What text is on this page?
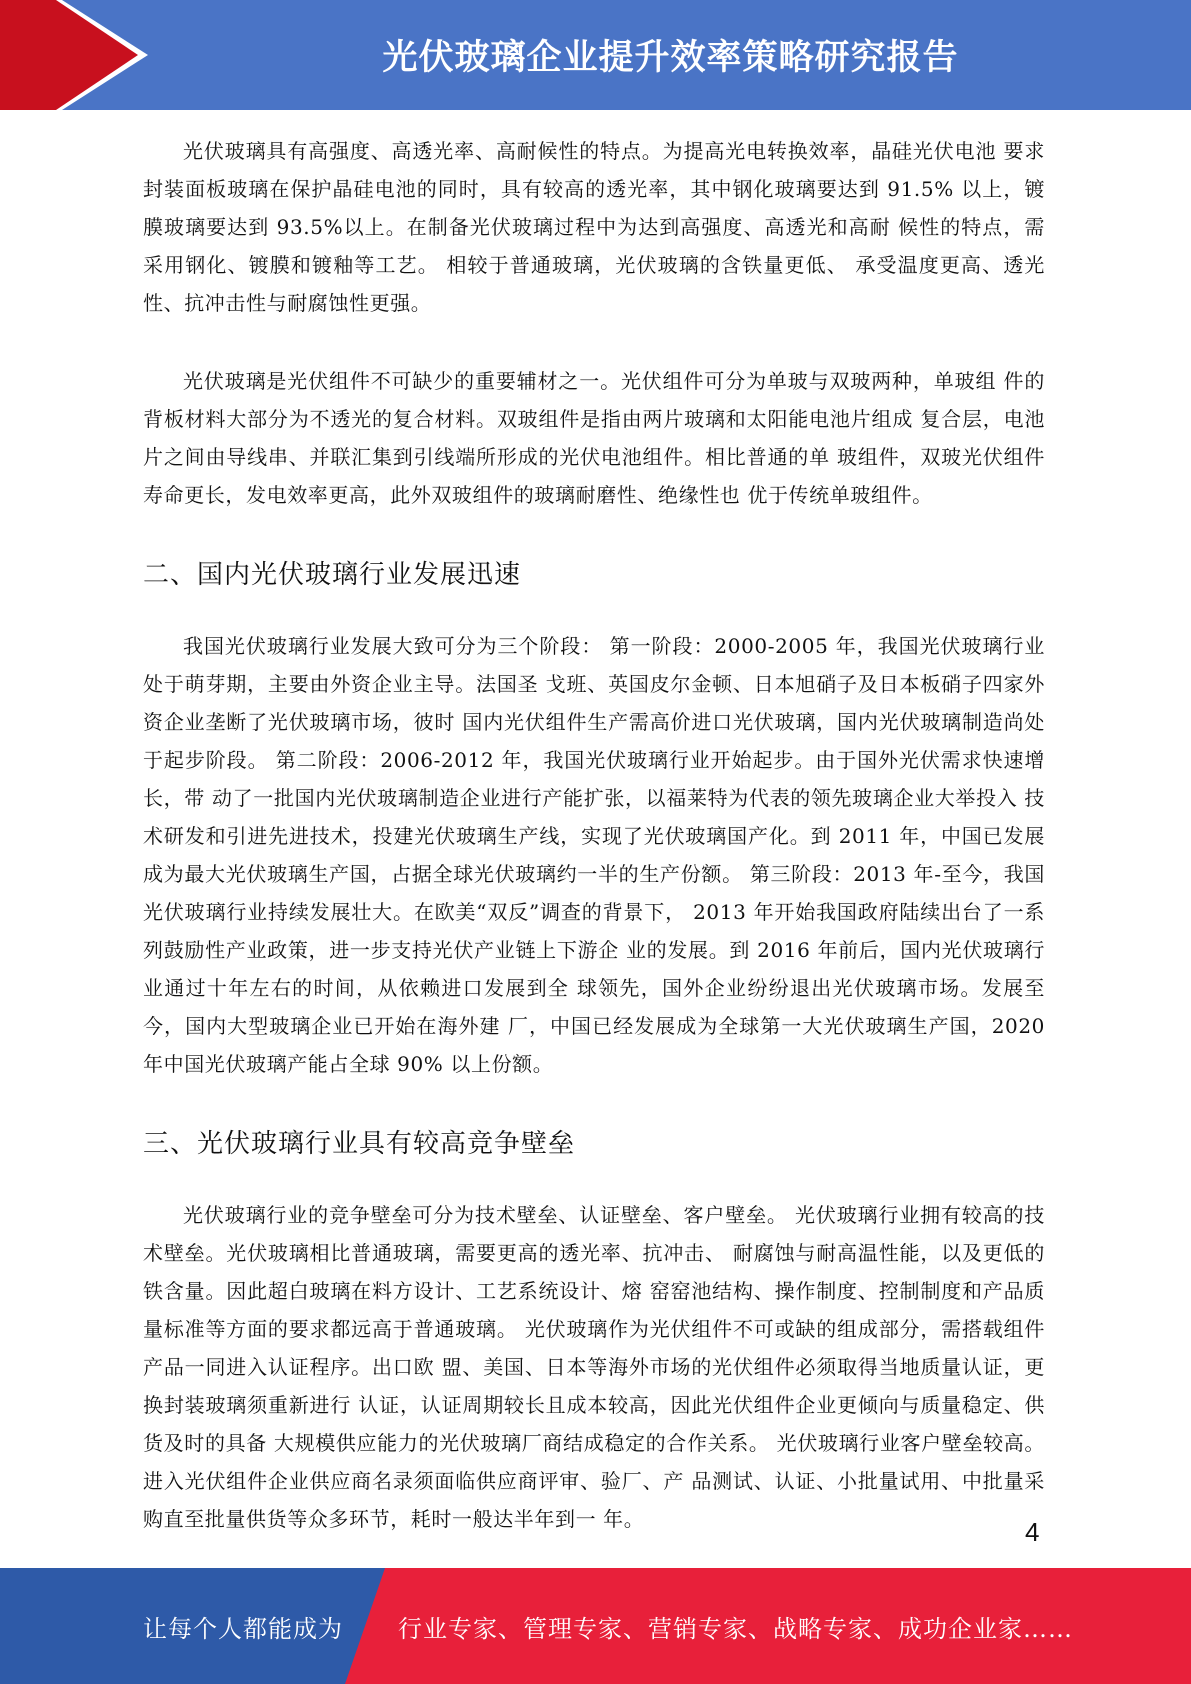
光伏玻璃企业提升效率策略研究报告

光伏玻璃具有高强度、高透光率、高耐候性的特点。为提高光电转换效率，晶硅光伏电池 要求封装面板玻璃在保护晶硅电池的同时，具有较高的透光率，其中钢化玻璃要达到 91.5% 以上，镀膜玻璃要达到 93.5%以上。在制备光伏玻璃过程中为达到高强度、高透光和高耐 候性的特点，需采用钢化、镀膜和镀釉等工艺。 相较于普通玻璃，光伏玻璃的含铁量更低、 承受温度更高、透光性、抗冲击性与耐腐蚀性更强。

光伏玻璃是光伏组件不可缺少的重要辅材之一。光伏组件可分为单玻与双玻两种，单玻组 件的背板材料大部分为不透光的复合材料。双玻组件是指由两片玻璃和太阳能电池片组成 复合层，电池片之间由导线串、并联汇集到引线端所形成的光伏电池组件。相比普通的单 玻组件，双玻光伏组件寿命更长，发电效率更高，此外双玻组件的玻璃耐磨性、绝缘性也 优于传统单玻组件。

二、国内光伏玻璃行业发展迅速

我国光伏玻璃行业发展大致可分为三个阶段： 第一阶段：2000-2005 年，我国光伏玻璃行业处于萌芽期，主要由外资企业主导。法国圣 戈班、英国皮尔金顿、日本旭硝子及日本板硝子四家外资企业垄断了光伏玻璃市场，彼时 国内光伏组件生产需高价进口光伏玻璃，国内光伏玻璃制造尚处于起步阶段。 第二阶段：2006-2012 年，我国光伏玻璃行业开始起步。由于国外光伏需求快速增长，带 动了一批国内光伏玻璃制造企业进行产能扩张，以福莱特为代表的领先玻璃企业大举投入 技术研发和引进先进技术，投建光伏玻璃生产线，实现了光伏玻璃国产化。到 2011 年，中国已发展成为最大光伏玻璃生产国，占据全球光伏玻璃约一半的生产份额。 第三阶段：2013 年-至今，我国光伏玻璃行业持续发展壮大。在欧美“双反”调查的背景下， 2013 年开始我国政府陆续出台了一系列鼓励性产业政策，进一步支持光伏产业链上下游企 业的发展。到 2016 年前后，国内光伏玻璃行业通过十年左右的时间，从依赖进口发展到全 球领先，国外企业纷纷退出光伏玻璃市场。发展至今，国内大型玻璃企业已开始在海外建 厂，中国已经发展成为全球第一大光伏玻璃生产国，2020 年中国光伏玻璃产能占全球 90% 以上份额。

三、光伏玻璃行业具有较高竞争壁垒

光伏玻璃行业的竞争壁垒可分为技术壁垒、认证壁垒、客户壁垒。 光伏玻璃行业拥有较高的技术壁垒。光伏玻璃相比普通玻璃，需要更高的透光率、抗冲击、 耐腐蚀与耐高温性能，以及更低的铁含量。因此超白玻璃在料方设计、工艺系统设计、熔 窑窑池结构、操作制度、控制制度和产品质量标准等方面的要求都远高于普通玻璃。 光伏玻璃作为光伏组件不可或缺的组成部分，需搭载组件产品一同进入认证程序。出口欧 盟、美国、日本等海外市场的光伏组件必须取得当地质量认证，更换封装玻璃须重新进行 认证，认证周期较长且成本较高，因此光伏组件企业更倾向与质量稳定、供货及时的具备 大规模供应能力的光伏玻璃厂商结成稳定的合作关系。 光伏玻璃行业客户壁垒较高。进入光伏组件企业供应商名录须面临供应商评审、验厂、产 品测试、认证、小批量试用、中批量采购直至批量供货等众多环节，耗时一般达半年到一 年。	4
让每个人都能成为 行业专家、管理专家、营销专家、战略专家、成功企业家……
